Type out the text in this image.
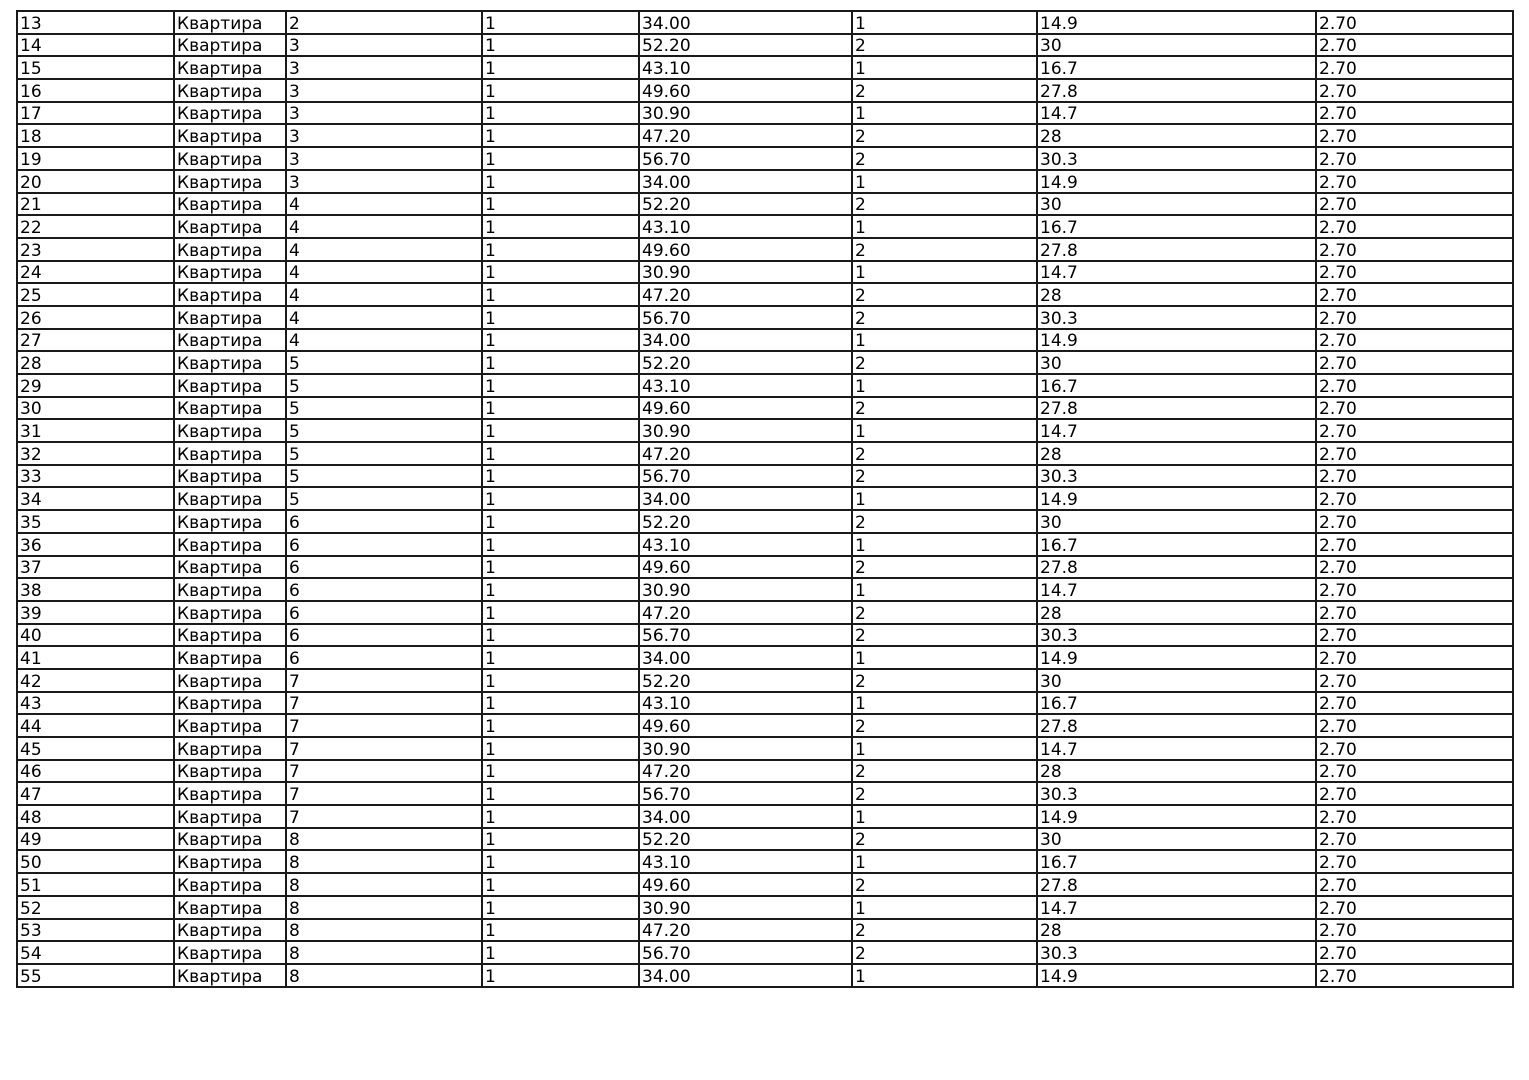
13	Квартира	2	1	34.00	1	14.9	2.70
14	Квартира	3	1	52.20	2	30	2.70
15	Квартира	3	1	43.10	1	16.7	2.70
16	Квартира	3	1	49.60	2	27.8	2.70
17	Квартира	3	1	30.90	1	14.7	2.70
18	Квартира	3	1	47.20	2	28	2.70
19	Квартира	3	1	56.70	2	30.3	2.70
20	Квартира	3	1	34.00	1	14.9	2.70
21	Квартира	4	1	52.20	2	30	2.70
22	Квартира	4	1	43.10	1	16.7	2.70
23	Квартира	4	1	49.60	2	27.8	2.70
24	Квартира	4	1	30.90	1	14.7	2.70
25	Квартира	4	1	47.20	2	28	2.70
26	Квартира	4	1	56.70	2	30.3	2.70
27	Квартира	4	1	34.00	1	14.9	2.70
28	Квартира	5	1	52.20	2	30	2.70
29	Квартира	5	1	43.10	1	16.7	2.70
30	Квартира	5	1	49.60	2	27.8	2.70
31	Квартира	5	1	30.90	1	14.7	2.70
32	Квартира	5	1	47.20	2	28	2.70
33	Квартира	5	1	56.70	2	30.3	2.70
34	Квартира	5	1	34.00	1	14.9	2.70
35	Квартира	6	1	52.20	2	30	2.70
36	Квартира	6	1	43.10	1	16.7	2.70
37	Квартира	6	1	49.60	2	27.8	2.70
38	Квартира	6	1	30.90	1	14.7	2.70
39	Квартира	6	1	47.20	2	28	2.70
40	Квартира	6	1	56.70	2	30.3	2.70
41	Квартира	6	1	34.00	1	14.9	2.70
42	Квартира	7	1	52.20	2	30	2.70
43	Квартира	7	1	43.10	1	16.7	2.70
44	Квартира	7	1	49.60	2	27.8	2.70
45	Квартира	7	1	30.90	1	14.7	2.70
46	Квартира	7	1	47.20	2	28	2.70
47	Квартира	7	1	56.70	2	30.3	2.70
48	Квартира	7	1	34.00	1	14.9	2.70
49	Квартира	8	1	52.20	2	30	2.70
50	Квартира	8	1	43.10	1	16.7	2.70
51	Квартира	8	1	49.60	2	27.8	2.70
52	Квартира	8	1	30.90	1	14.7	2.70
53	Квартира	8	1	47.20	2	28	2.70
54	Квартира	8	1	56.70	2	30.3	2.70
55	Квартира	8	1	34.00	1	14.9	2.70
